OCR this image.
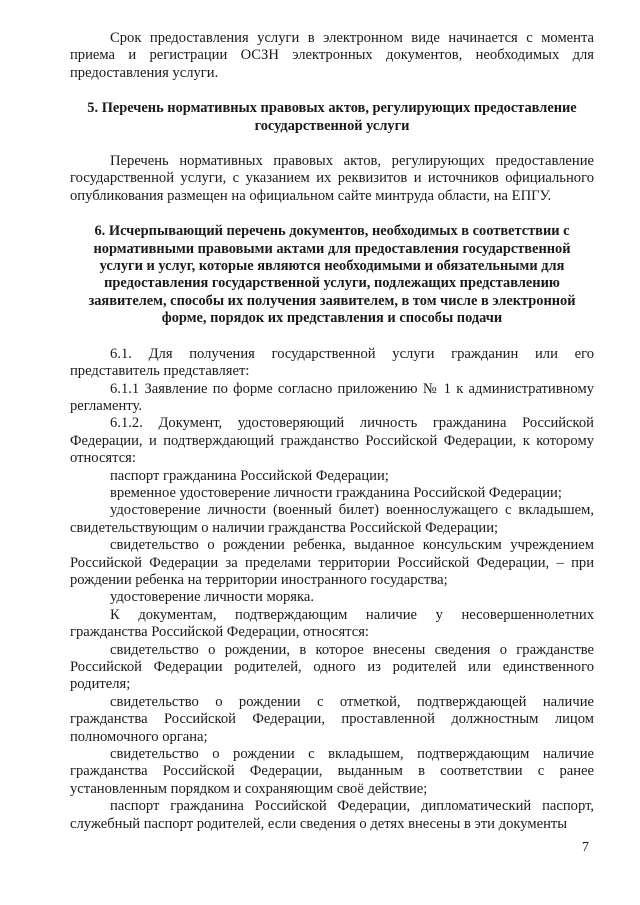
Срок предоставления услуги в электронном виде начинается с момента приема и регистрации ОСЗН электронных документов, необходимых для предоставления услуги.

5. Перечень нормативных правовых актов, регулирующих предоставление государственной услуги

Перечень нормативных правовых актов, регулирующих предоставление государственной услуги, с указанием их реквизитов и источников официального опубликования размещен на официальном сайте минтруда области, на ЕПГУ.

6. Исчерпывающий перечень документов, необходимых в соответствии с нормативными правовыми актами для предоставления государственной услуги и услуг, которые являются необходимыми и обязательными для предоставления государственной услуги, подлежащих представлению заявителем, способы их получения заявителем, в том числе в электронной форме, порядок их представления и способы подачи

6.1. Для получения государственной услуги гражданин или его представитель представляет:

6.1.1 Заявление по форме согласно приложению № 1 к административному регламенту.

6.1.2. Документ, удостоверяющий личность гражданина Российской Федерации, и подтверждающий гражданство Российской Федерации, к которому относятся:

паспорт гражданина Российской Федерации;

временное удостоверение личности гражданина Российской Федерации;

удостоверение личности (военный билет) военнослужащего с вкладышем, свидетельствующим о наличии гражданства Российской Федерации;

свидетельство о рождении ребенка, выданное консульским учреждением Российской Федерации за пределами территории Российской Федерации, – при рождении ребенка на территории иностранного государства;

удостоверение личности моряка.

К документам, подтверждающим наличие у несовершеннолетних гражданства Российской Федерации, относятся:

свидетельство о рождении, в которое внесены сведения о гражданстве Российской Федерации родителей, одного из родителей или единственного родителя;

свидетельство о рождении с отметкой, подтверждающей наличие гражданства Российской Федерации, проставленной должностным лицом полномочного органа;

свидетельство о рождении с вкладышем, подтверждающим наличие гражданства Российской Федерации, выданным в соответствии с ранее установленным порядком и сохраняющим своё действие;

паспорт гражданина Российской Федерации, дипломатический паспорт, служебный паспорт родителей, если сведения о детях внесены в эти документы

7
